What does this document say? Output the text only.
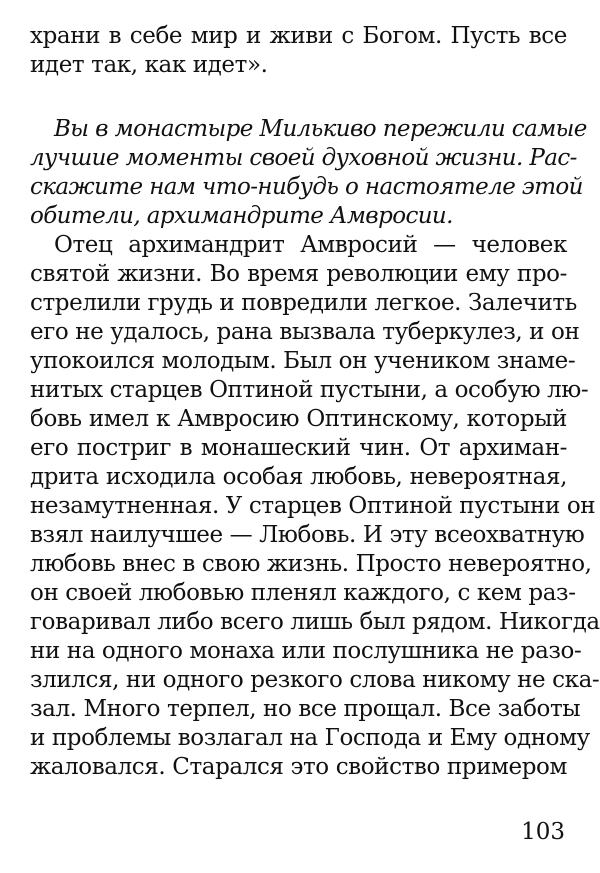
храни в себе мир и живи с Богом. Пусть все
идет так, как идет».
Вы в монастыре Милькиво пережили самые
лучшие моменты своей духовной жизни. Рас-
скажите нам что-нибудь о настоятеле этой
обители, архимандрите Амвросии.
Отец архимандрит Амвросий — человек
святой жизни. Во время революции ему про-
стрелили грудь и повредили легкое. Залечить
его не удалось, рана вызвала туберкулез, и он
упокоился молодым. Был он учеником знаме-
нитых старцев Оптиной пустыни, а особую лю-
бовь имел к Амвросию Оптинскому, который
его постриг в монашеский чин. От архиман-
дрита исходила особая любовь, невероятная,
незамутненная. У старцев Оптиной пустыни он
взял наилучшее — Любовь. И эту всеохватную
любовь внес в свою жизнь. Просто невероятно,
он своей любовью пленял каждого, с кем раз-
говаривал либо всего лишь был рядом. Никогда
ни на одного монаха или послушника не разо-
злился, ни одного резкого слова никому не ска-
зал. Много терпел, но все прощал. Все заботы
и проблемы возлагал на Господа и Ему одному
жаловался. Старался это свойство примером
103
